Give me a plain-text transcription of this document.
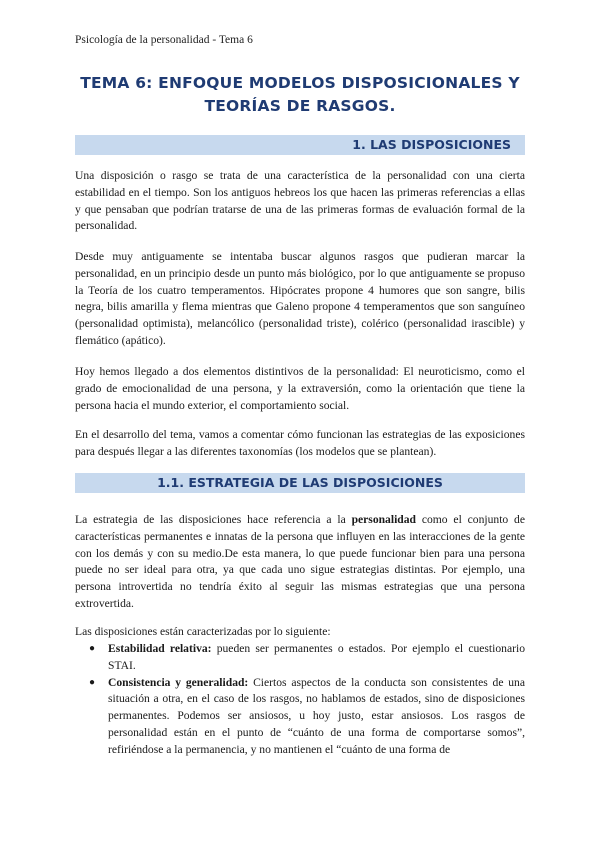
Psicología de la personalidad - Tema 6
TEMA 6: ENFOQUE MODELOS DISPOSICIONALES Y
TEORÍAS DE RASGOS.
1. LAS DISPOSICIONES

Una disposición o rasgo se trata de una característica de la personalidad con una cierta estabilidad en el tiempo. Son los antiguos hebreos los que hacen las primeras referencias a ellas y que pensaban que podrían tratarse de una de las primeras formas de evaluación formal de la personalidad.

Desde muy antiguamente se intentaba buscar algunos rasgos que pudieran marcar la personalidad, en un principio desde un punto más biológico, por lo que antiguamente se propuso la Teoría de los cuatro temperamentos. Hipócrates propone 4 humores que son sangre, bilis negra, bilis amarilla y flema mientras que Galeno propone 4 temperamentos que son sanguíneo (personalidad optimista), melancólico (personalidad triste), colérico (personalidad irascible) y flemático (apático).

Hoy hemos llegado a dos elementos distintivos de la personalidad: El neuroticismo, como el grado de emocionalidad de una persona, y la extraversión, como la orientación que tiene la persona hacia el mundo exterior, el comportamiento social.

En el desarrollo del tema, vamos a comentar cómo funcionan las estrategias de las exposiciones para después llegar a las diferentes taxonomías (los modelos que se plantean).

1.1. ESTRATEGIA DE LAS DISPOSICIONES

La estrategia de las disposiciones hace referencia a la personalidad como el conjunto de características permanentes e innatas de la persona que influyen en las interacciones de la gente con los demás y con su medio.De esta manera, lo que puede funcionar bien para una persona puede no ser ideal para otra, ya que cada uno sigue estrategias distintas. Por ejemplo, una persona introvertida no tendría éxito al seguir las mismas estrategias que una persona extrovertida.

Las disposiciones están caracterizadas por lo siguiente:

● Estabilidad relativa: pueden ser permanentes o estados. Por ejemplo el cuestionario STAI.
● Consistencia y generalidad: Ciertos aspectos de la conducta son consistentes de una situación a otra, en el caso de los rasgos, no hablamos de estados, sino de disposiciones permanentes. Podemos ser ansiosos, u hoy justo, estar ansiosos. Los rasgos de personalidad están en el punto de “cuánto de una forma de comportarse somos”, refiriéndose a la permanencia, y no mantienen el “cuánto de una forma de
